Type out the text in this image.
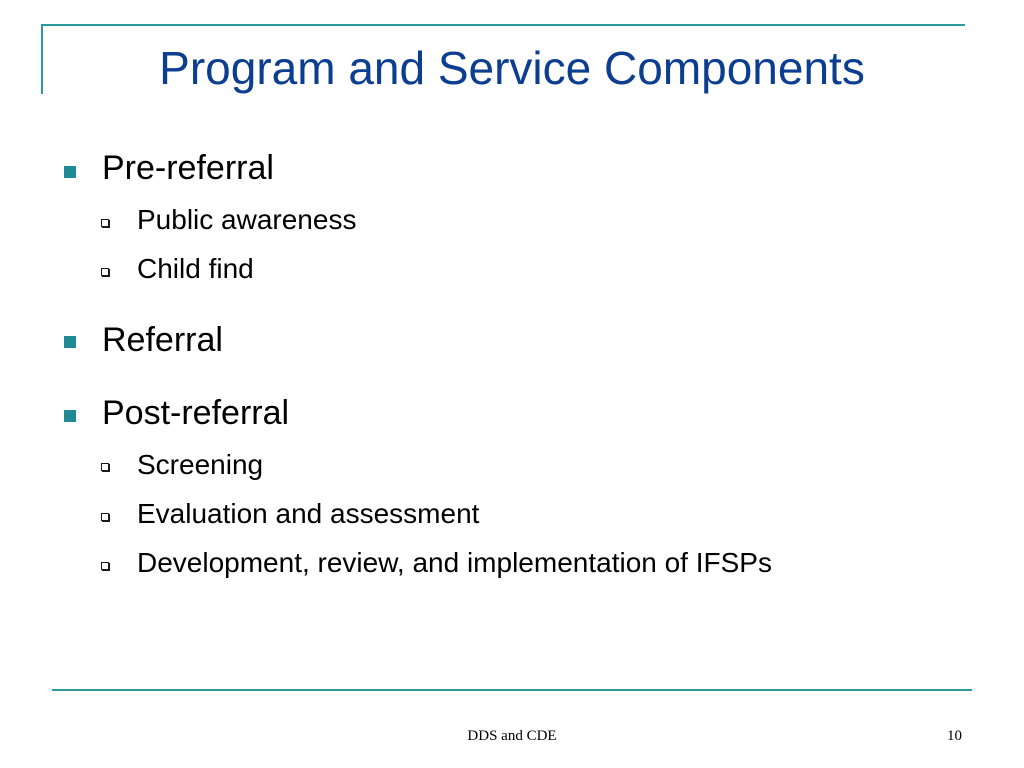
Program and Service Components
Pre-referral
Public awareness
Child find
Referral
Post-referral
Screening
Evaluation and assessment
Development, review, and implementation of IFSPs
DDS and CDE	10
